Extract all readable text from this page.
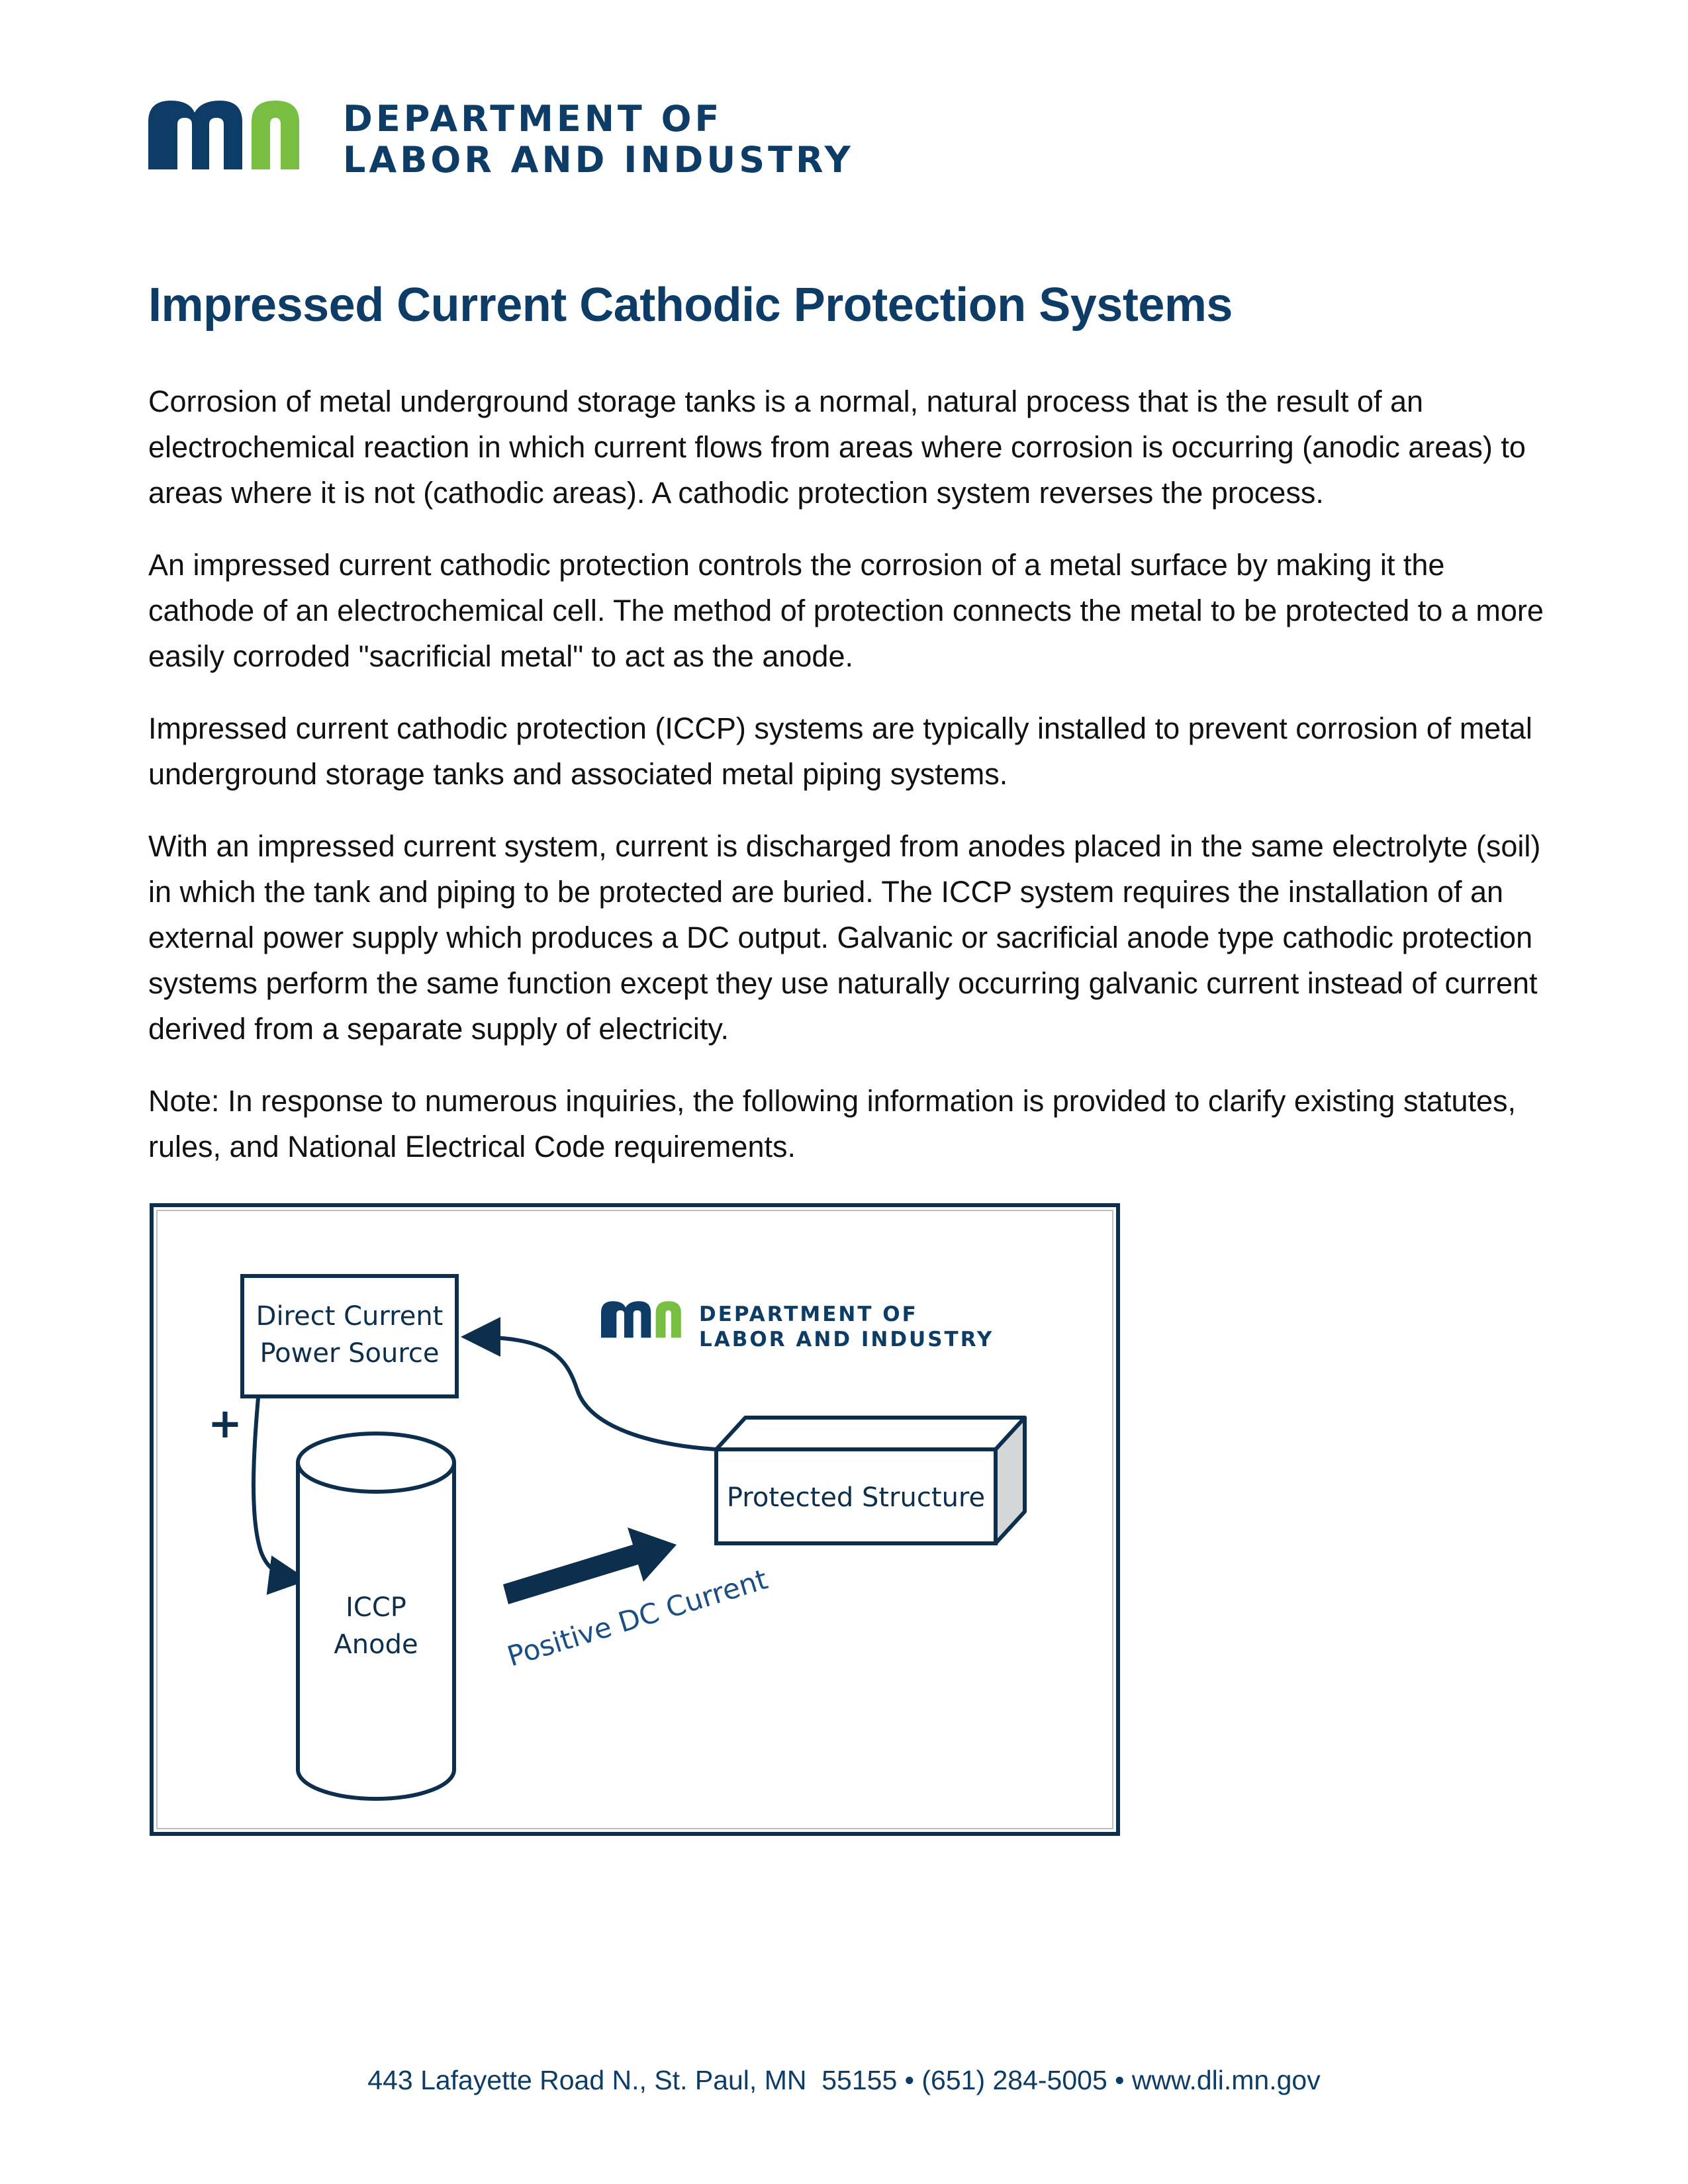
DEPARTMENT OF
LABOR AND INDUSTRY
Impressed Current Cathodic Protection Systems

Corrosion of metal underground storage tanks is a normal, natural process that is the result of an electrochemical reaction in which current flows from areas where corrosion is occurring (anodic areas) to areas where it is not (cathodic areas). A cathodic protection system reverses the process.

An impressed current cathodic protection controls the corrosion of a metal surface by making it the cathode of an electrochemical cell. The method of protection connects the metal to be protected to a more easily corroded "sacrificial metal" to act as the anode.

Impressed current cathodic protection (ICCP) systems are typically installed to prevent corrosion of metal underground storage tanks and associated metal piping systems.

With an impressed current system, current is discharged from anodes placed in the same electrolyte (soil) in which the tank and piping to be protected are buried. The ICCP system requires the installation of an external power supply which produces a DC output. Galvanic or sacrificial anode type cathodic protection systems perform the same function except they use naturally occurring galvanic current instead of current derived from a separate supply of electricity.

Note: In response to numerous inquiries, the following information is provided to clarify existing statutes, rules, and National Electrical Code requirements.

Direct Current
Power Source
+
ICCP
Anode	Positive DC Current
Protected Structure
DEPARTMENT OF
LABOR AND INDUSTRY
443 Lafayette Road N., St. Paul, MN  55155 • (651) 284-5005 • www.dli.mn.gov
